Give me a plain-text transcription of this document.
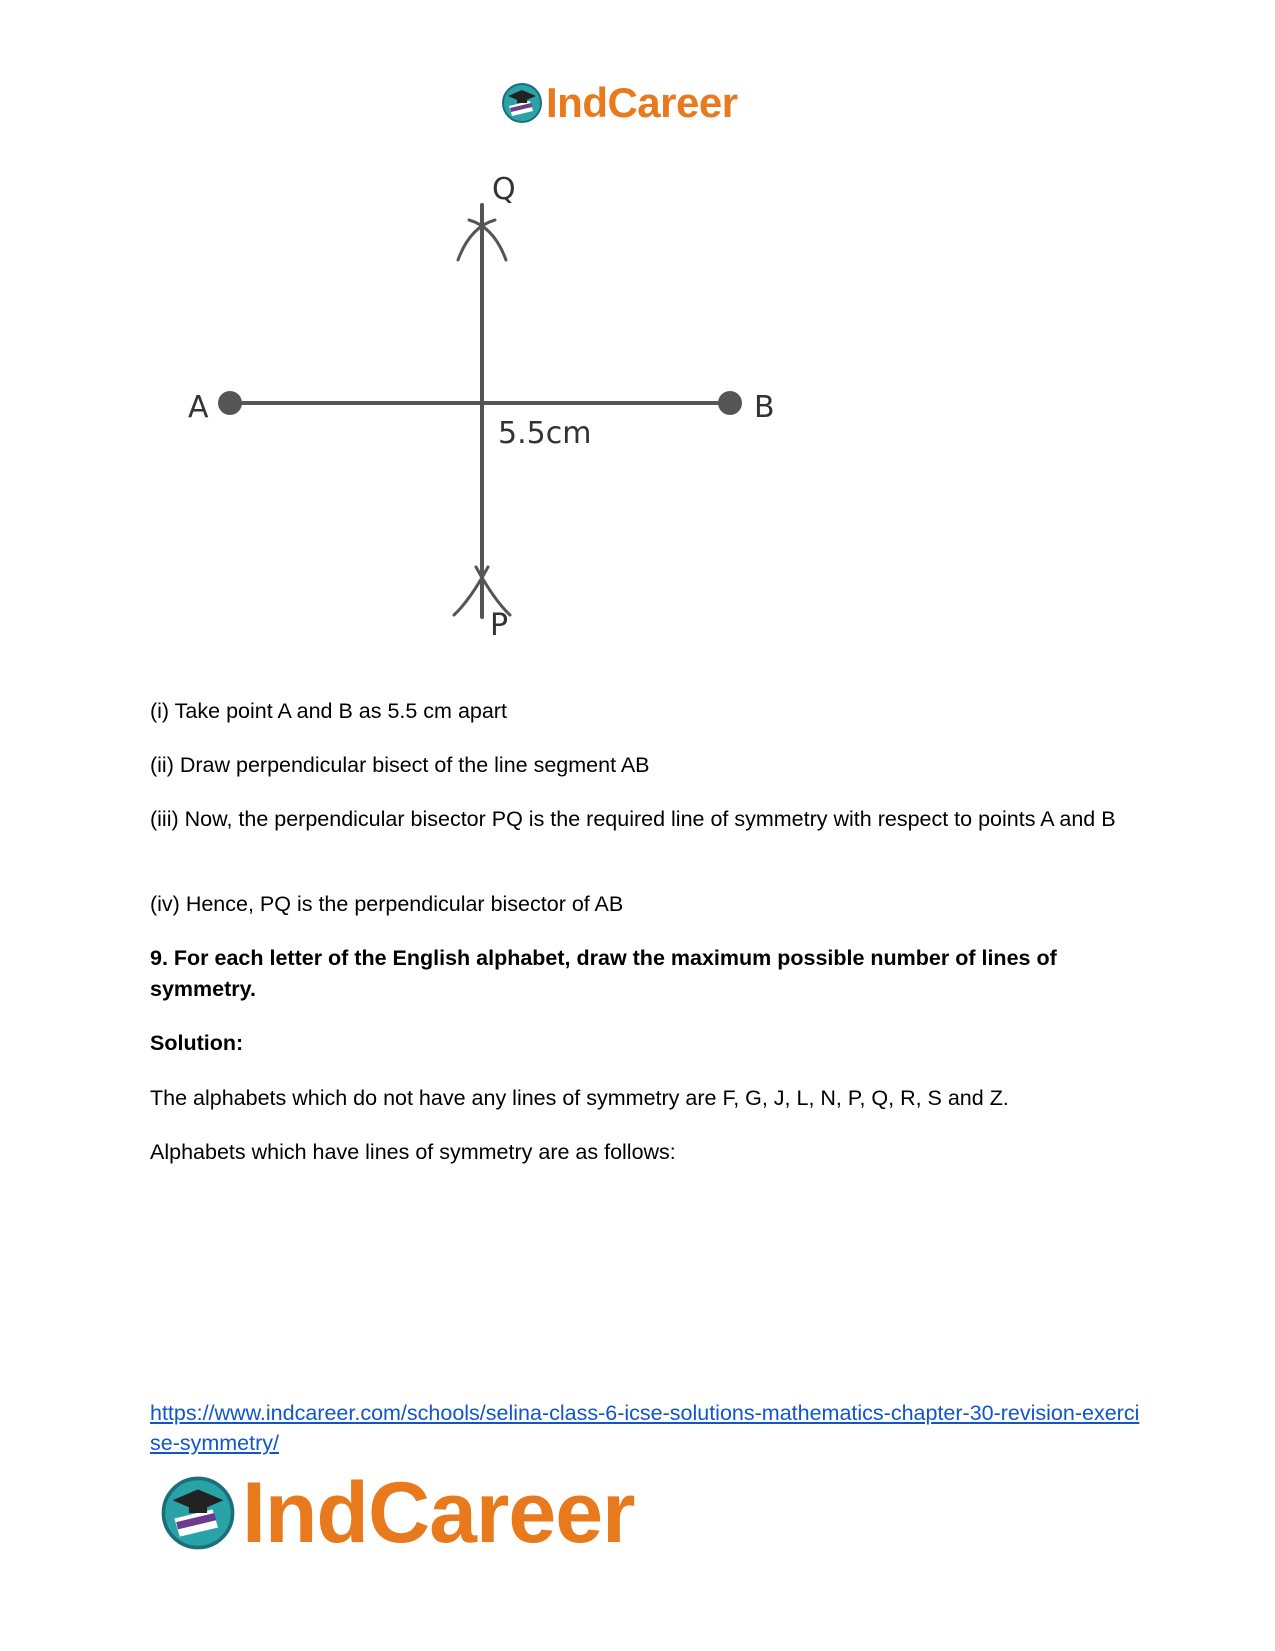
IndCareer
A	B
Q
P
5.5cm

(i) Take point A and B as 5.5 cm apart

(ii) Draw perpendicular bisect of the line segment AB

(iii) Now, the perpendicular bisector PQ is the required line of symmetry with respect to points A and B

(iv) Hence, PQ is the perpendicular bisector of AB

9. For each letter of the English alphabet, draw the maximum possible number of lines of symmetry.

Solution:

The alphabets which do not have any lines of symmetry are F, G, J, L, N, P, Q, R, S and Z.

Alphabets which have lines of symmetry are as follows:

https://www.indcareer.com/schools/selina-class-6-icse-solutions-mathematics-chapter-30-revision-exercise-symmetry/
IndCareer
